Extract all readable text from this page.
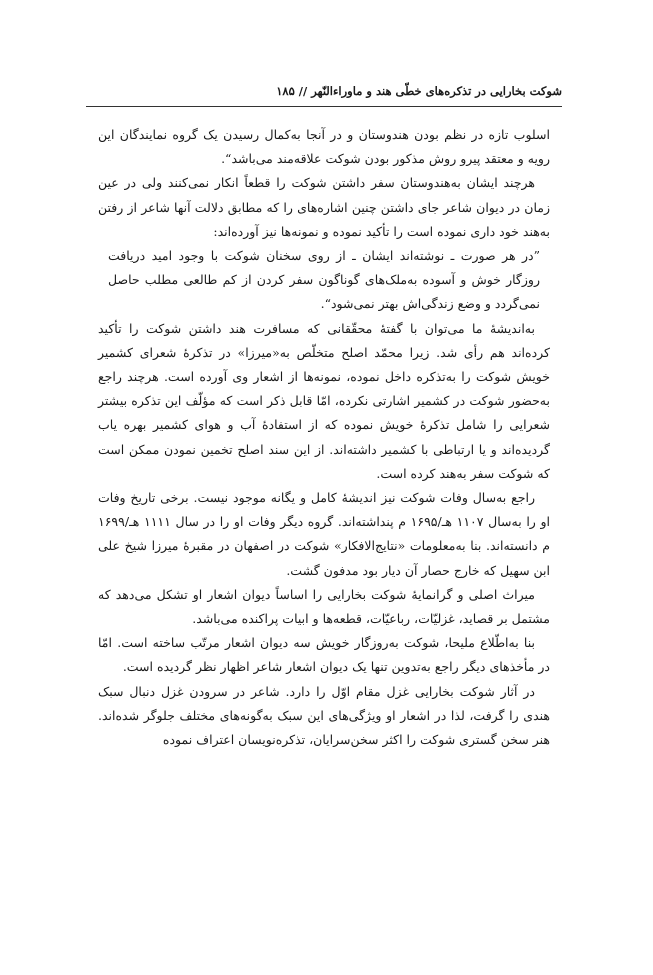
شوکت بخارایی در تذکره‌های خطّی هند و ماوراءالنّهر // ۱۸۵

اسلوب تازه در نظم بودن هندوستان و در آنجا به‌کمال رسیدن یک گروه نمایندگان این رویه و معتقد پیرو روش مذکور بودن شوکت علاقه‌مند می‌باشد“.

هرچند ایشان به‌هندوستان سفر داشتن شوکت را قطعاً انکار نمی‌کنند ولی در عین زمان در دیوان شاعر جای داشتن چنین اشاره‌های را که مطابق دلالت آنها شاعر از رفتن به‌هند خود داری نموده است را تأکید نموده و نمونه‌ها نیز آورده‌اند:

”در هر صورت ـ نوشته‌اند ایشان ـ از روی سخنان شوکت با وجود امید دریافت روزگار خوش و آسوده به‌ملک‌های گوناگون سفر کردن از کم طالعی مطلب حاصل نمی‌گردد و وضع زندگی‌اش بهتر نمی‌شود“.

به‌اندیشهٔ ما می‌توان با گفتهٔ محقّقانی که مسافرت هند داشتن شوکت را تأکید کرده‌اند هم رأی شد. زیرا محمّد اصلح متخلّص به«میرزا» در تذکرهٔ شعرای کشمیر خویش شوکت را به‌تذکره داخل نموده، نمونه‌ها از اشعار وی آورده است. هرچند راجع به‌حضور شوکت در کشمیر اشارتی نکرده، امّا قابل ذکر است که مؤلّف این تذکره بیشتر شعرایی را شامل تذکرهٔ خویش نموده که از استفادهٔ آب و هوای کشمیر بهره یاب گردیده‌اند و یا ارتباطی با کشمیر داشته‌اند. از این سند اصلح تخمین نمودن ممکن است که شوکت سفر به‌هند کرده است.

راجع به‌سال وفات شوکت نیز اندیشهٔ کامل و یگانه موجود نیست. برخی تاریخ وفات او را به‌سال ۱۱۰۷ هـ/۱۶۹۵ م پنداشته‌اند. گروه دیگر وفات او را در سال ۱۱۱۱ هـ/۱۶۹۹ م دانسته‌اند. بنا به‌معلومات «نتایج‌الافکار» شوکت در اصفهان در مقبرهٔ میرزا شیخ علی ابن سهیل که خارج حصار آن دیار بود مدفون گشت.

میراث اصلی و گرانمایهٔ شوکت بخارایی را اساساً دیوان اشعار او تشکل می‌دهد که مشتمل بر قصاید، غزلیّات، رباعیّات، قطعه‌ها و ابیات پراکنده می‌باشد.

بنا به‌اطّلاع ملیحا، شوکت به‌روزگار خویش سه دیوان اشعار مرتّب ساخته است. امّا در مأخذهای دیگر راجع به‌تدوین تنها یک دیوان اشعار شاعر اظهار نظر گردیده است.

در آثار شوکت بخارایی غزل مقام اوّل را دارد. شاعر در سرودن غزل دنبال سبک هندی را گرفت، لذا در اشعار او ویژگی‌های این سبک به‌گونه‌های مختلف جلوگر شده‌اند. هنر سخن گستری شوکت را اکثر سخن‌سرایان، تذکره‌نویسان اعتراف نموده
